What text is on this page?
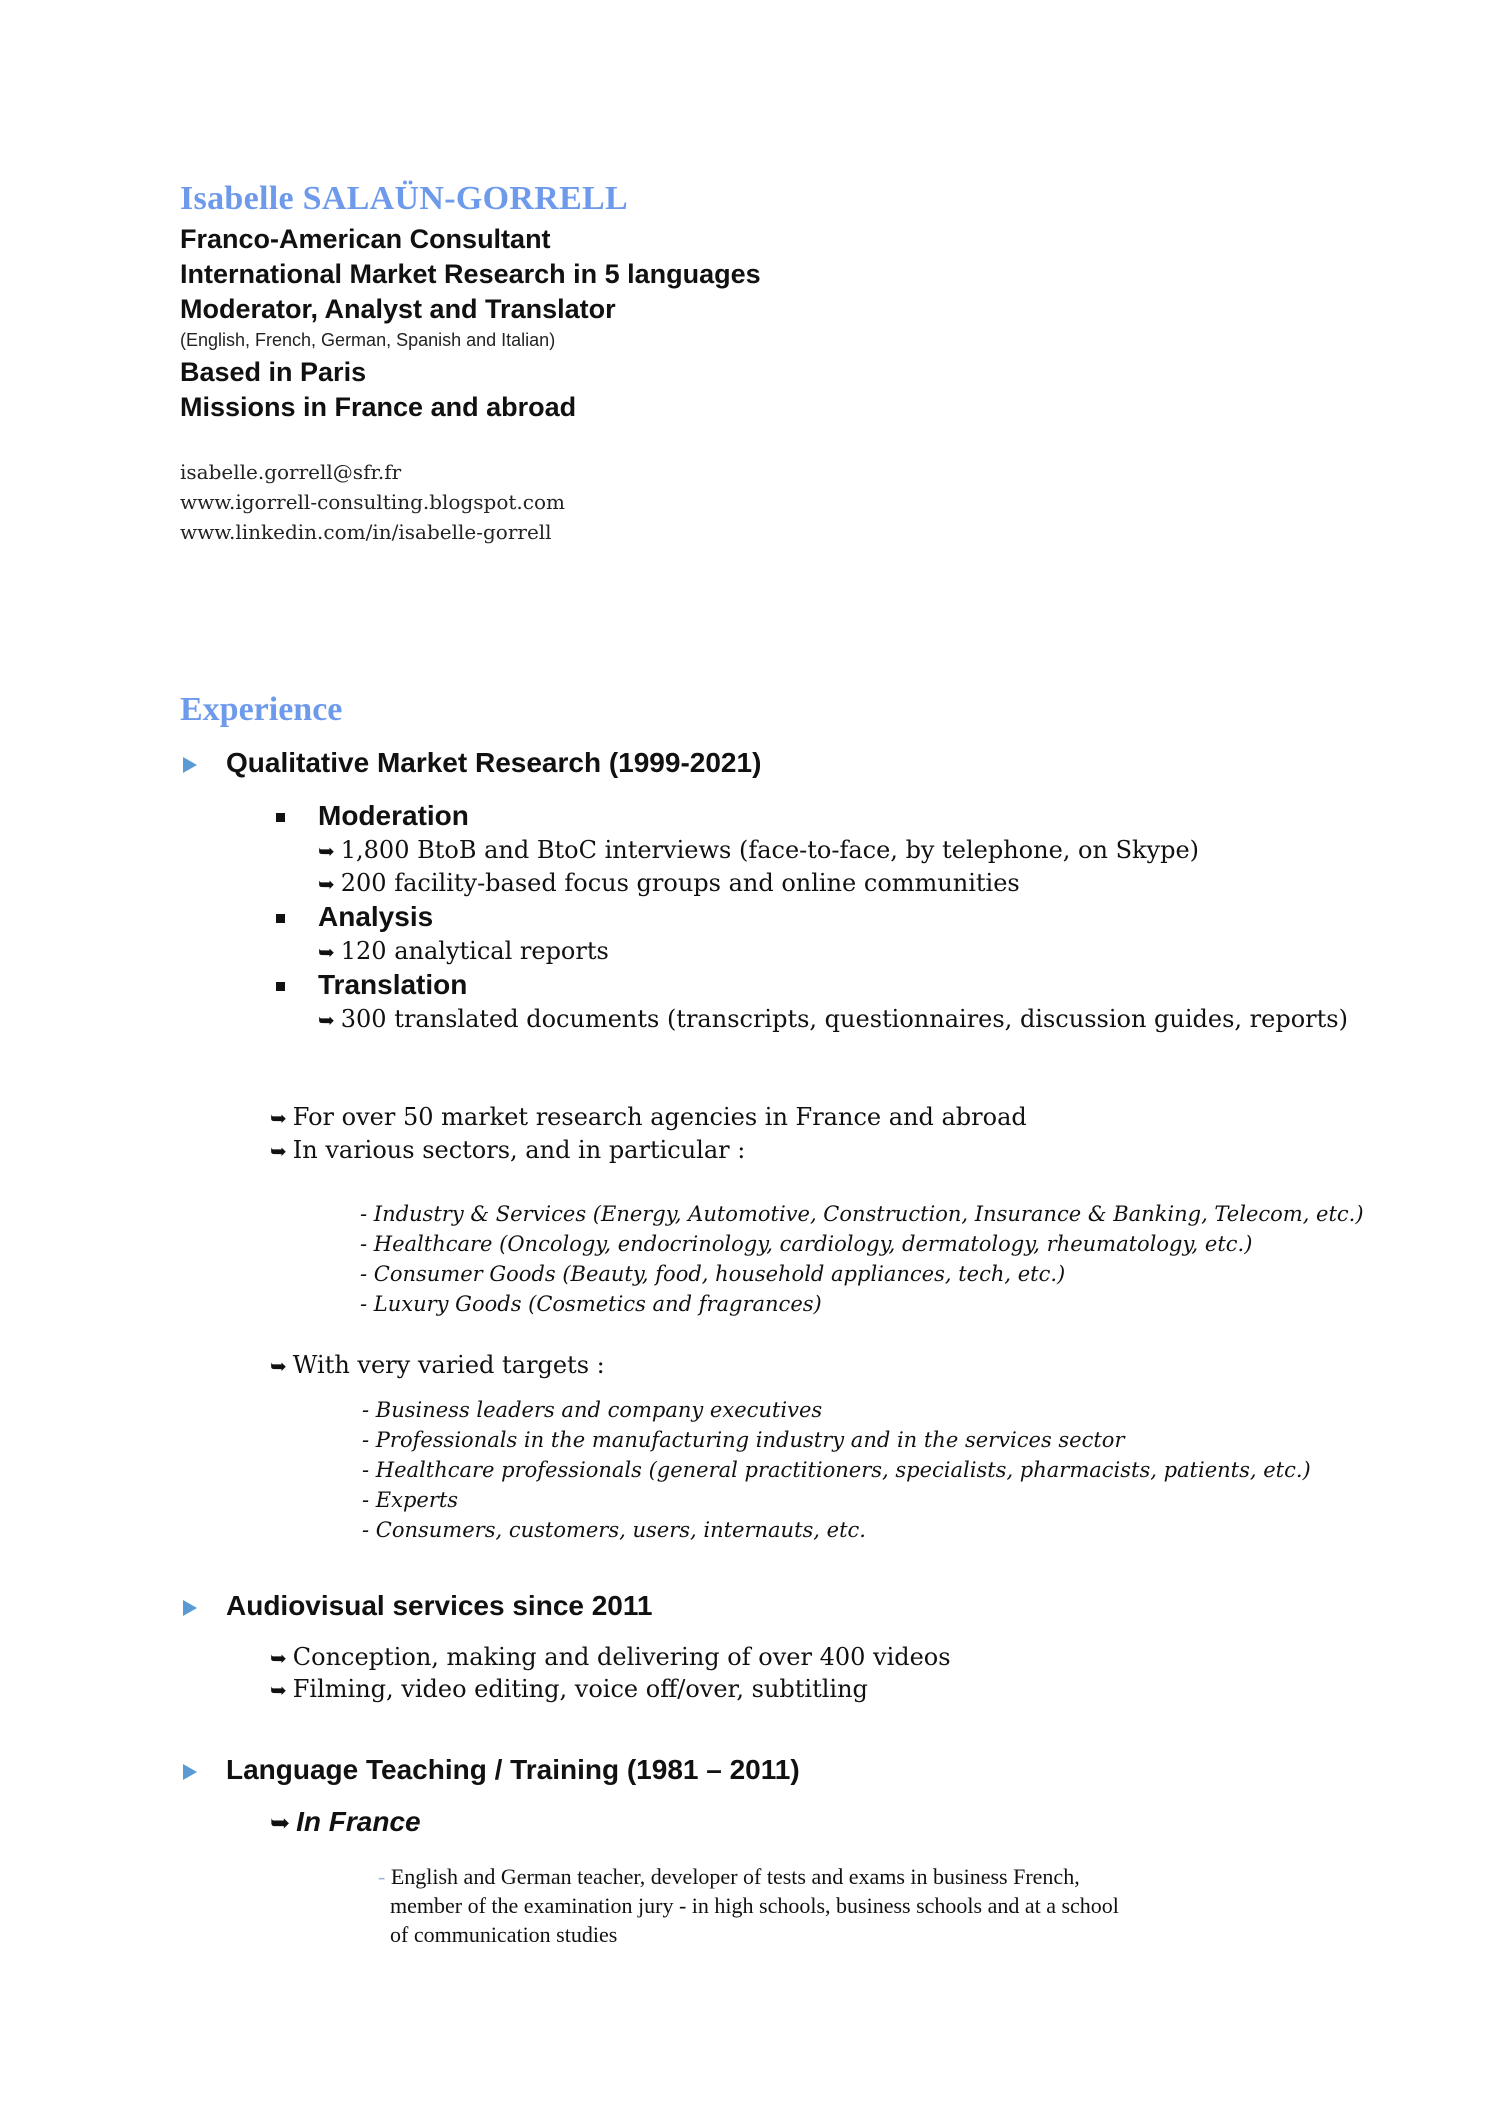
Isabelle SALAÜN-GORRELL
Franco-American Consultant
International Market Research in 5 languages
Moderator, Analyst and Translator
(English, French, German, Spanish and Italian)
Based in Paris
Missions in France and abroad
isabelle.gorrell@sfr.fr
www.igorrell-consulting.blogspot.com
www.linkedin.com/in/isabelle-gorrell
Experience
Qualitative Market Research (1999-2021)
Moderation
➥ 1,800 BtoB and BtoC interviews (face-to-face, by telephone, on Skype)
➥ 200 facility-based focus groups and online communities
Analysis
➥ 120 analytical reports
Translation
➥ 300 translated documents (transcripts, questionnaires, discussion guides, reports)
➥ For over 50 market research agencies in France and abroad
➥ In various sectors, and in particular :
- Industry & Services (Energy, Automotive, Construction, Insurance & Banking, Telecom, etc.)
- Healthcare (Oncology, endocrinology, cardiology, dermatology, rheumatology, etc.)
- Consumer Goods (Beauty, food, household appliances, tech, etc.)
- Luxury Goods (Cosmetics and fragrances)
➥ With very varied targets :
- Business leaders and company executives
- Professionals in the manufacturing industry and in the services sector
- Healthcare professionals (general practitioners, specialists, pharmacists, patients, etc.)
- Experts
- Consumers, customers, users, internauts, etc.
Audiovisual services since 2011
➥ Conception, making and delivering of over 400 videos
➥ Filming, video editing, voice off/over, subtitling
Language Teaching / Training (1981 – 2011)
➥ In France
- English and German teacher, developer of tests and exams in business French,
member of the examination jury - in high schools, business schools and at a school
of communication studies
